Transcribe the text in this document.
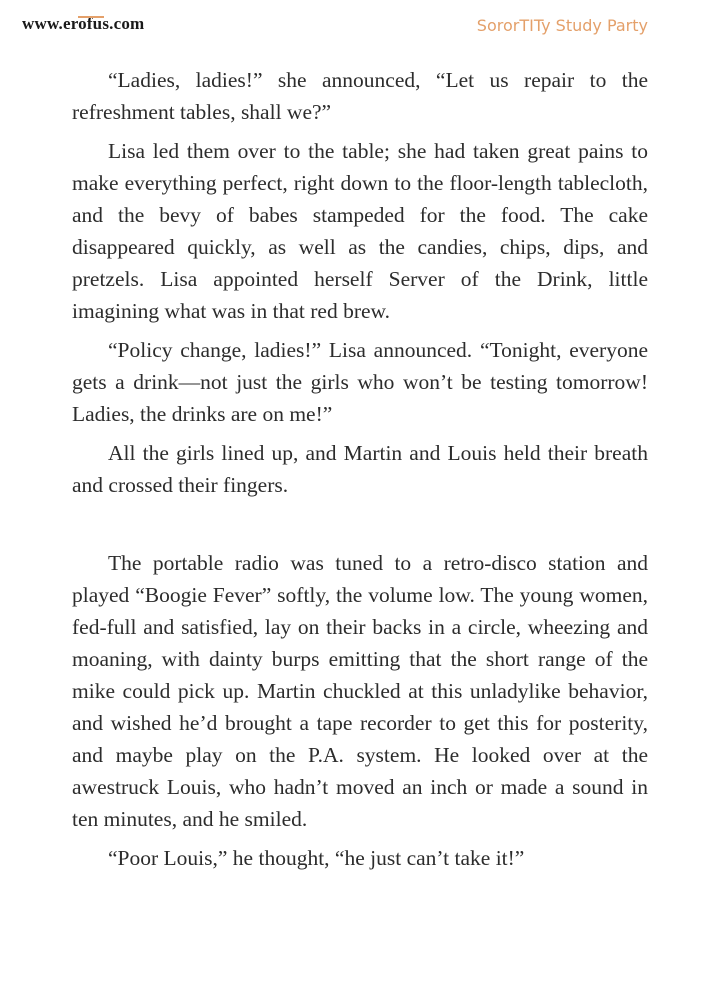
www.erofus.com	SororTITy Study Party

“Ladies, ladies!” she announced, “Let us repair to the refreshment tables, shall we?”

Lisa led them over to the table; she had taken great pains to make everything perfect, right down to the floor-length tablecloth, and the bevy of babes stampeded for the food. The cake disappeared quickly, as well as the candies, chips, dips, and pretzels. Lisa appointed herself Server of the Drink, little imagining what was in that red brew.

“Policy change, ladies!” Lisa announced. “Tonight, everyone gets a drink—not just the girls who won’t be testing tomorrow! Ladies, the drinks are on me!”

All the girls lined up, and Martin and Louis held their breath and crossed their fingers.

The portable radio was tuned to a retro-disco station and played “Boogie Fever” softly, the volume low. The young women, fed-full and satisfied, lay on their backs in a circle, wheezing and moaning, with dainty burps emitting that the short range of the mike could pick up. Martin chuckled at this unladylike behavior, and wished he’d brought a tape recorder to get this for posterity, and maybe play on the P.A. system. He looked over at the awestruck Louis, who hadn’t moved an inch or made a sound in ten minutes, and he smiled.

“Poor Louis,” he thought, “he just can’t take it!”
